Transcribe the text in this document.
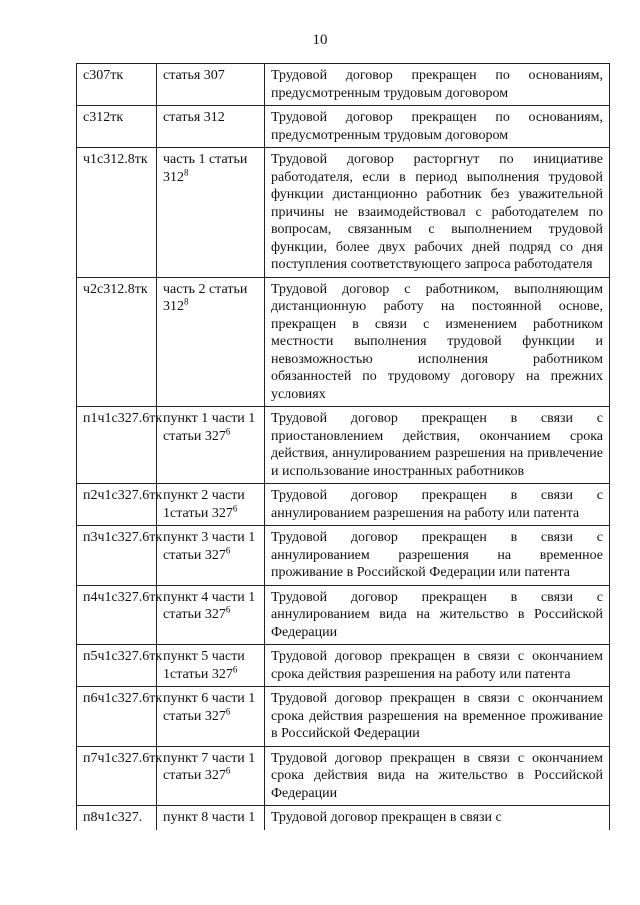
10
с307тк	статья 307	Трудовой договор прекращен по основаниям, предусмотренным трудовым договором
с312тк	статья 312	Трудовой договор прекращен по основаниям, предусмотренным трудовым договором
ч1с312.8тк	часть 1 статьи $312^8$	Трудовой договор расторгнут по инициативе работодателя, если в период выполнения трудовой функции дистанционно работник без уважительной причины не взаимодействовал с работодателем по вопросам, связанным с выполнением трудовой функции, более двух рабочих дней подряд со дня поступления соответствующего запроса работодателя
ч2с312.8тк	часть 2 статьи $312^8$	Трудовой договор с работником, выполняющим дистанционную работу на постоянной основе, прекращен в связи с изменением работником местности выполнения трудовой функции и невозможностью исполнения работником обязанностей по трудовому договору на прежних условиях
п1ч1с327.6тк	пункт 1 части 1 статьи $327^6$	Трудовой договор прекращен в связи с приостановлением действия, окончанием срока действия, аннулированием разрешения на привлечение и использование иностранных работников
п2ч1с327.6тк	пункт 2 части 1статьи $327^6$	Трудовой договор прекращен в связи с аннулированием разрешения на работу или патента
п3ч1с327.6тк	пункт 3 части 1 статьи $327^6$	Трудовой договор прекращен в связи с аннулированием разрешения на временное проживание в Российской Федерации или патента
п4ч1с327.6тк	пункт 4 части 1 статьи $327^6$	Трудовой договор прекращен в связи с аннулированием вида на жительство в Российской Федерации
п5ч1с327.6тк	пункт 5 части 1статьи $327^6$	Трудовой договор прекращен в связи с окончанием срока действия разрешения на работу или патента
п6ч1с327.6тк	пункт 6 части 1 статьи $327^6$	Трудовой договор прекращен в связи с окончанием срока действия разрешения на временное проживание в Российской Федерации
п7ч1с327.6тк	пункт 7 части 1 статьи $327^6$	Трудовой договор прекращен в связи с окончанием срока действия вида на жительство в Российской Федерации
п8ч1с327.	пункт 8 части 1	Трудовой договор прекращен в связи с
